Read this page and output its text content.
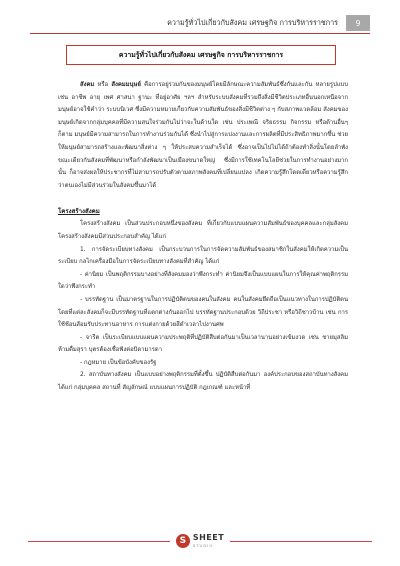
ความรู้ทั่วไปเกี่ยวกับสังคม เศรษฐกิจ การบริหารราชการ	9
ความรู้ทั่วไปเกี่ยวกับสังคม เศรษฐกิจ การบริหารราชการ

สังคม หรือ สังคมมนุษย์ คือการอยู่รวมกันของมนุษย์โดยมีลักษณะความสัมพันธ์ซึ่งกันและกัน หลายรูปแบบ เช่น อาชีพ อายุ เพศ ศาสนา ฐานะ ที่อยู่อาศัย ฯลฯ สำหรับระบบสังคมที่รวมถึงสิ่งมีชีวิตประเภทอื่นนอกเหนือจากมนุษย์อาจใช้คำว่า ระบบนิเวศ ซึ่งมีความหมายเกี่ยวกับความสัมพันธ์ของสิ่งมีชีวิตต่าง ๆ กับสภาพแวดล้อม สังคมของมนุษย์เกิดจากกลุ่มบุคคลที่มีความสนใจร่วมกันไม่ว่าจะในด้านใด เช่น ประเพณี จริยธรรม กิจกรรม หรือด้านอื่นๆ ก็ตาม มนุษย์มีความสามารถในการทำงานร่วมกันได้ ซึ่งนำไปสู่การแบ่งงานและการผลิตที่มีประสิทธิภาพมากขึ้น ช่วยให้มนุษย์สามารถสร้างและพัฒนาสิ่งต่าง ๆ ให้ประสบความสำเร็จได้ ซึ่งอาจเป็นไปไม่ได้ถ้าต้องทำสิ่งนั้นโดยลำพัง ขณะเดียวกันสังคมที่พัฒนาหรือกำลังพัฒนาเป็นเมืองขนาดใหญ่ ซึ่งมีการใช้เทคโนโลยีช่วยในการทำงานอย่างมากนั้น ก็อาจส่งผลให้ประชากรที่ไม่สามารถปรับตัวตามสภาพสังคมที่เปลี่ยนแปลง เกิดความรู้สึกโดดเดี่ยวหรือความรู้สึกว่าตนเองไม่มีส่วนร่วมในสังคมขึ้นมาได้

โครงสร้างสังคม

โครงสร้างสังคม เป็นส่วนประกอบหนึ่งของสังคม ที่เกี่ยวกับแบบแผนความสัมพันธ์ของบุคคลและกลุ่มสังคม โครงสร้างสังคมมีส่วนประกอบสำคัญ ได้แก่

1. การจัดระเบียบทางสังคม เป็นกระบวนการในการจัดความสัมพันธ์ของสมาชิกในสังคมให้เกิดความเป็นระเบียบ กลไกเครื่องมือในการจัดระเบียบทางสังคมที่สำคัญ ได้แก่

- ค่านิยม เป็นพฤติกรรมบางอย่างที่สังคมมองว่าพึงกระทำ ค่านิยมจึงเป็นแบบแผนในการให้คุณค่าพฤติกรรมใดว่าพึงกระทำ

- บรรทัดฐาน เป็นมาตรฐานในการปฏิบัติตนของคนในสังคม คนในสังคมยึดถือเป็นแนวทางในการปฏิบัติตน โดยที่แต่ละสังคมก็จะมีบรรทัดฐานที่แตกต่างกันออกไป บรรทัดฐานประกอบด้วย วิถีประชา หรือวิถีชาวบ้าน เช่น การใช้ช้อนส้อมรับประทานอาหาร การแต่งกายด้วยสีดำเวลาไปงานศพ

- จารีต เป็นระเบียบแบบแผนความประพฤติที่ปฏิบัติสืบต่อกันมาเป็นเวลานานอย่างเข้มงวด เช่น ชายมุสลิมห้ามดื่มสุรา บุตรต้องเชื่อฟังต่อบิดามารดา

- กฎหมาย เป็นข้อบังคับของรัฐ

2. สถาบันทางสังคม เป็นแบบอย่างพฤติกรรมที่ตั้งขึ้น ปฏิบัติสืบต่อกันมา องค์ประกอบของสถาบันทางสังคม ได้แก่ กลุ่มบุคคล สถานที่ สัญลักษณ์ แบบแผนการปฏิบัติ กฎเกณฑ์ และหน้าที่

S SHEET
STUDIO
